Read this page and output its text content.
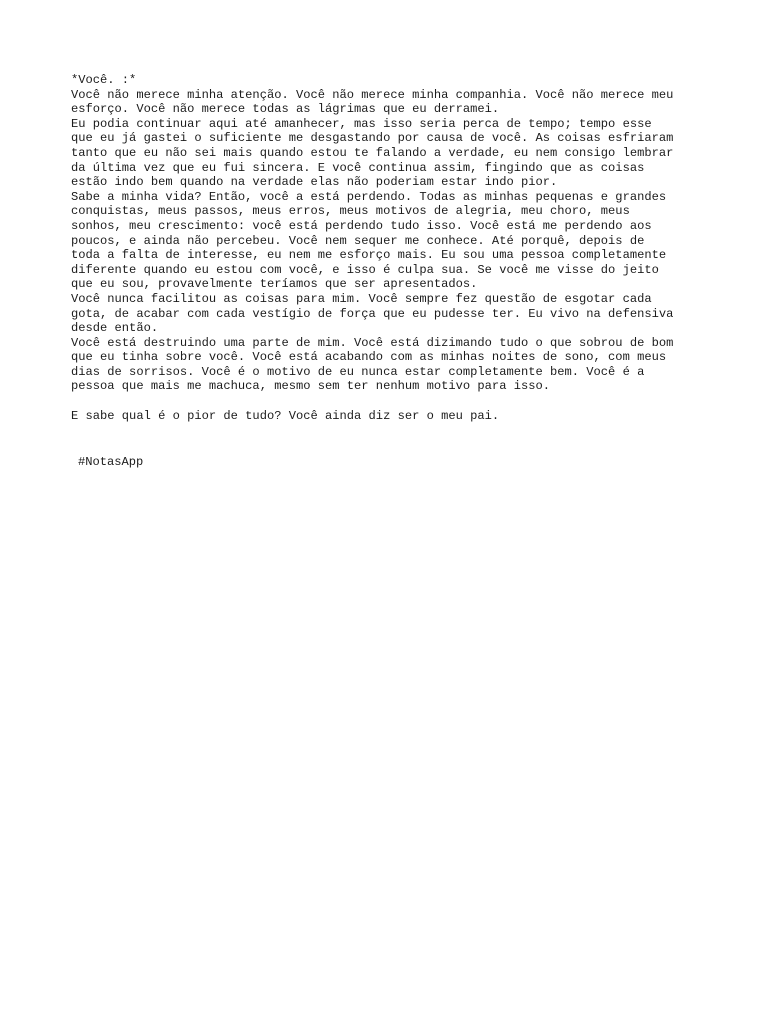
*Você. :*
Você não merece minha atenção. Você não merece minha companhia. Você não merece meu
esforço. Você não merece todas as lágrimas que eu derramei.
Eu podia continuar aqui até amanhecer, mas isso seria perca de tempo; tempo esse
que eu já gastei o suficiente me desgastando por causa de você. As coisas esfriaram
tanto que eu não sei mais quando estou te falando a verdade, eu nem consigo lembrar
da última vez que eu fui sincera. E você continua assim, fingindo que as coisas
estão indo bem quando na verdade elas não poderiam estar indo pior.
Sabe a minha vida? Então, você a está perdendo. Todas as minhas pequenas e grandes
conquistas, meus passos, meus erros, meus motivos de alegria, meu choro, meus
sonhos, meu crescimento: você está perdendo tudo isso. Você está me perdendo aos
poucos, e ainda não percebeu. Você nem sequer me conhece. Até porquê, depois de
toda a falta de interesse, eu nem me esforço mais. Eu sou uma pessoa completamente
diferente quando eu estou com você, e isso é culpa sua. Se você me visse do jeito
que eu sou, provavelmente teríamos que ser apresentados.
Você nunca facilitou as coisas para mim. Você sempre fez questão de esgotar cada
gota, de acabar com cada vestígio de força que eu pudesse ter. Eu vivo na defensiva
desde então.
Você está destruindo uma parte de mim. Você está dizimando tudo o que sobrou de bom
que eu tinha sobre você. Você está acabando com as minhas noites de sono, com meus
dias de sorrisos. Você é o motivo de eu nunca estar completamente bem. Você é a
pessoa que mais me machuca, mesmo sem ter nenhum motivo para isso.
E sabe qual é o pior de tudo? Você ainda diz ser o meu pai.
#NotasApp
